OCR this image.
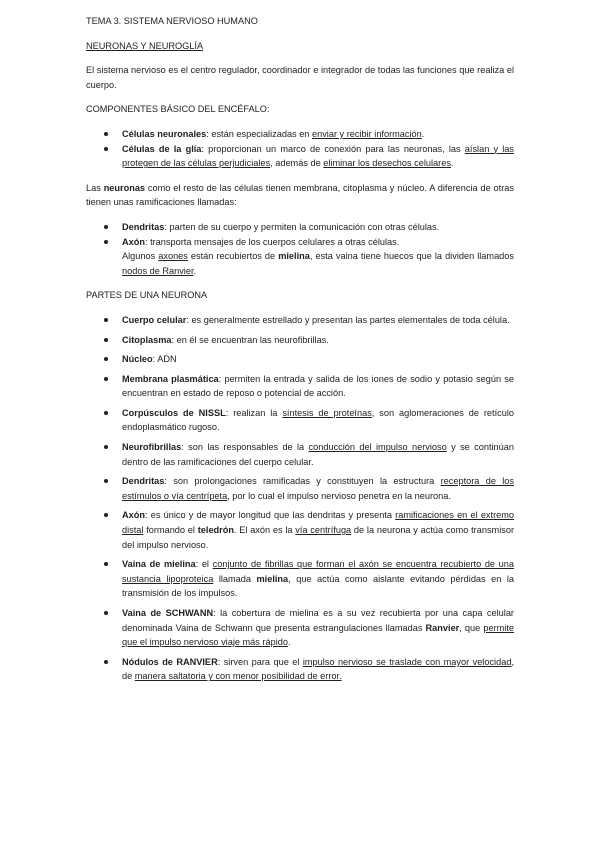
TEMA 3. SISTEMA NERVIOSO HUMANO

NEURONAS Y NEUROGLÍA

El sistema nervioso es el centro regulador, coordinador e integrador de todas las funciones que realiza el cuerpo.

COMPONENTES BÁSICO DEL ENCÉFALO:

Células neuronales: están especializadas en enviar y recibir información.
Células de la glía: proporcionan un marco de conexión para las neuronas, las aíslan y las protegen de las células perjudiciales, además de eliminar los desechos celulares.

Las neuronas como el resto de las células tienen membrana, citoplasma y núcleo. A diferencia de otras tienen unas ramificaciones llamadas:

Dendritas: parten de su cuerpo y permiten la comunicación con otras células.
Axón: transporta mensajes de los cuerpos celulares a otras células.
Algunos axones están recubiertos de mielina, esta vaina tiene huecos que la dividen llamados nodos de Ranvier.

PARTES DE UNA NEURONA

Cuerpo celular: es generalmente estrellado y presentan las partes elementales de toda célula.
Citoplasma: en él se encuentran las neurofibrillas.
Núcleo: ADN
Membrana plasmática: permiten la entrada y salida de los iones de sodio y potasio según se encuentran en estado de reposo o potencial de acción.
Corpúsculos de NISSL: realizan la síntesis de proteínas, son aglomeraciones de retículo endoplasmático rugoso.
Neurofibrillas: son las responsables de la conducción del impulso nervioso y se continúan dentro de las ramificaciones del cuerpo celular.
Dendritas: son prolongaciones ramificadas y constituyen la estructura receptora de los estímulos o vía centrípeta, por lo cual el impulso nervioso penetra en la neurona.
Axón: es único y de mayor longitud que las dendritas y presenta ramificaciones en el extremo distal formando el teledrón. El axón es la vía centrífuga de la neurona y actúa como transmisor del impulso nervioso.
Vaina de mielina: el conjunto de fibrillas que forman el axón se encuentra recubierto de una sustancia lipoproteica llamada mielina, que actúa como aislante evitando pérdidas en la transmisión de los impulsos.
Vaina de SCHWANN: la cobertura de mielina es a su vez recubierta por una capa celular denominada Vaina de Schwann que presenta estrangulaciones llamadas Ranvier, que permite que el impulso nervioso viaje más rápido.
Nódulos de RANVIER: sirven para que el impulso nervioso se traslade con mayor velocidad, de manera saltatoria y con menor posibilidad de error.
